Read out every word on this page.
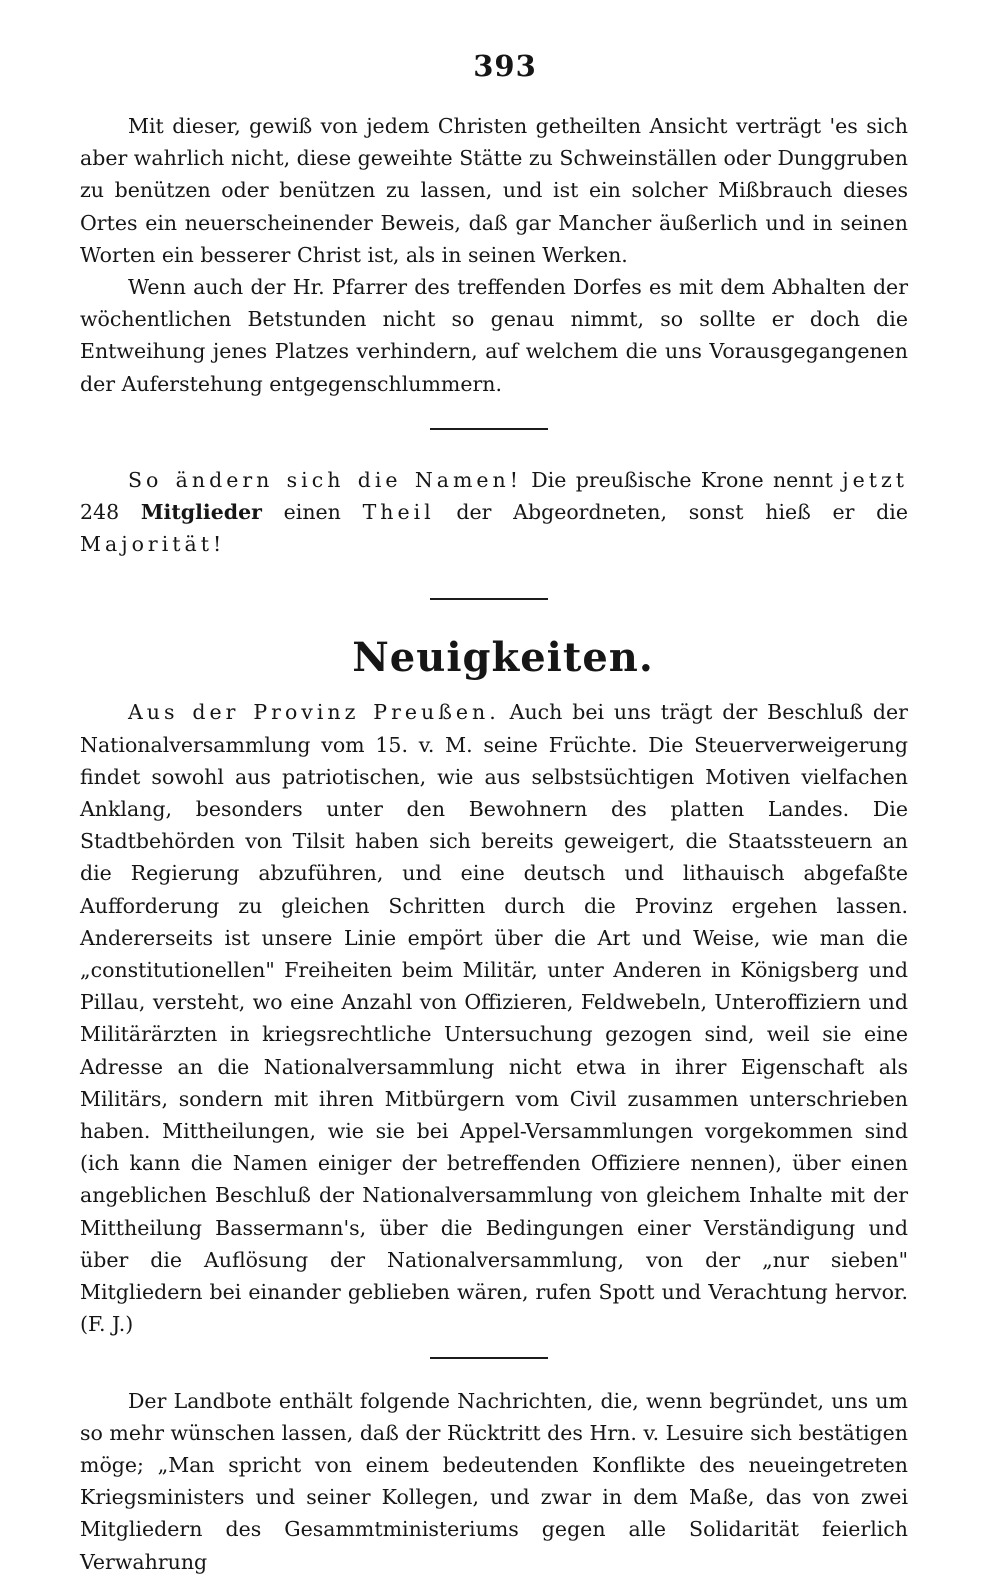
393

Mit dieser, gewiß von jedem Christen getheilten Ansicht verträgt 'es sich aber wahrlich nicht, diese geweihte Stätte zu Schweinställen oder Dunggruben zu benützen oder benützen zu lassen, und ist ein solcher Mißbrauch dieses Ortes ein neuerscheinender Beweis, daß gar Mancher äußerlich und in seinen Worten ein besserer Christ ist, als in seinen Werken.

Wenn auch der Hr. Pfarrer des treffenden Dorfes es mit dem Abhalten der wöchentlichen Betstunden nicht so genau nimmt, so sollte er doch die Entweihung jenes Platzes verhindern, auf welchem die uns Vorausgegangenen der Auferstehung entgegenschlummern.

So ändern sich die Namen! Die preußische Krone nennt jetzt 248 Mitglieder einen Theil der Abgeordneten, sonst hieß er die Majorität!

Neuigkeiten.

Aus der Provinz Preußen. Auch bei uns trägt der Beschluß der Nationalversammlung vom 15. v. M. seine Früchte. Die Steuerverweigerung findet sowohl aus patriotischen, wie aus selbstsüchtigen Motiven vielfachen Anklang, besonders unter den Bewohnern des platten Landes. Die Stadtbehörden von Tilsit haben sich bereits geweigert, die Staatssteuern an die Regierung abzuführen, und eine deutsch und lithauisch abgefaßte Aufforderung zu gleichen Schritten durch die Provinz ergehen lassen. Andererseits ist unsere Linie empört über die Art und Weise, wie man die „constitutionellen" Freiheiten beim Militär, unter Anderen in Königsberg und Pillau, versteht, wo eine Anzahl von Offizieren, Feldwebeln, Unteroffiziern und Militärärzten in kriegsrechtliche Untersuchung gezogen sind, weil sie eine Adresse an die Nationalversammlung nicht etwa in ihrer Eigenschaft als Militärs, sondern mit ihren Mitbürgern vom Civil zusammen unterschrieben haben. Mittheilungen, wie sie bei Appel-Versammlungen vorgekommen sind (ich kann die Namen einiger der betreffenden Offiziere nennen), über einen angeblichen Beschluß der Nationalversammlung von gleichem Inhalte mit der Mittheilung Bassermann's, über die Bedingungen einer Verständigung und über die Auflösung der Nationalversammlung, von der „nur sieben" Mitgliedern bei einander geblieben wären, rufen Spott und Verachtung hervor. (F. J.)

Der Landbote enthält folgende Nachrichten, die, wenn begründet, uns um so mehr wünschen lassen, daß der Rücktritt des Hrn. v. Lesuire sich bestätigen möge; „Man spricht von einem bedeutenden Konflikte des neueingetreten Kriegsministers und seiner Kollegen, und zwar in dem Maße, das von zwei Mitgliedern des Gesammtministeriums gegen alle Solidarität feierlich Verwahrung
